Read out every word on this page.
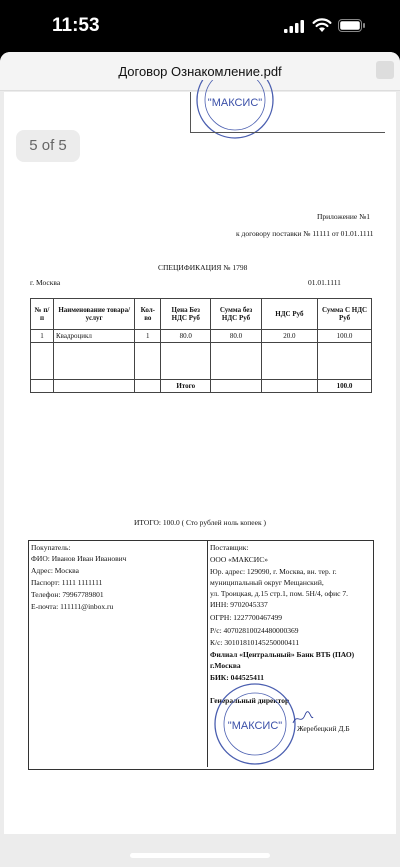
11:53
Договор Ознакомление.pdf
"МАКСИС"
Приложение №1
к договору поставки № 11111 от 01.01.1111
СПЕЦИФИКАЦИЯ № 1798
г. Москва	01.01.1111
№ п/п	Наименование товара/услуг	Кол-во	Цена Без НДС Руб	Сумма без НДС Руб	НДС Руб	Сумма С НДС Руб
1	Квадроцикл	1	80.0	80.0	20.0	100.0

			Итого			100.0
5 of 5
ИТОГО: 100.0 ( Сто рублей ноль копеек )
Покупатель:
ФИО: Иванов Иван Иванович
Адрес: Москва
Паспорт: 1111 1111111
Телефон: 79967789801
E-почта: 111111@inbox.ru
Поставщик:
ООО «МАКСИС»
Юр. адрес: 129090, г. Москва, вн. тер. г.
муниципальный округ Мещанский,
ул. Троицкая, д.15 стр.1, пом. 5Н/4, офис 7.
ИНН: 9702045337
ОГРН: 1227700467499
Р/с: 40702810024480000369
К/с: 30101810145250000411
Филиал «Центральный» Банк ВТБ (ПАО)
г.Москва
БИК: 044525411
Генеральный директор
Жеребецкий Д.Б
"МАКСИС"
